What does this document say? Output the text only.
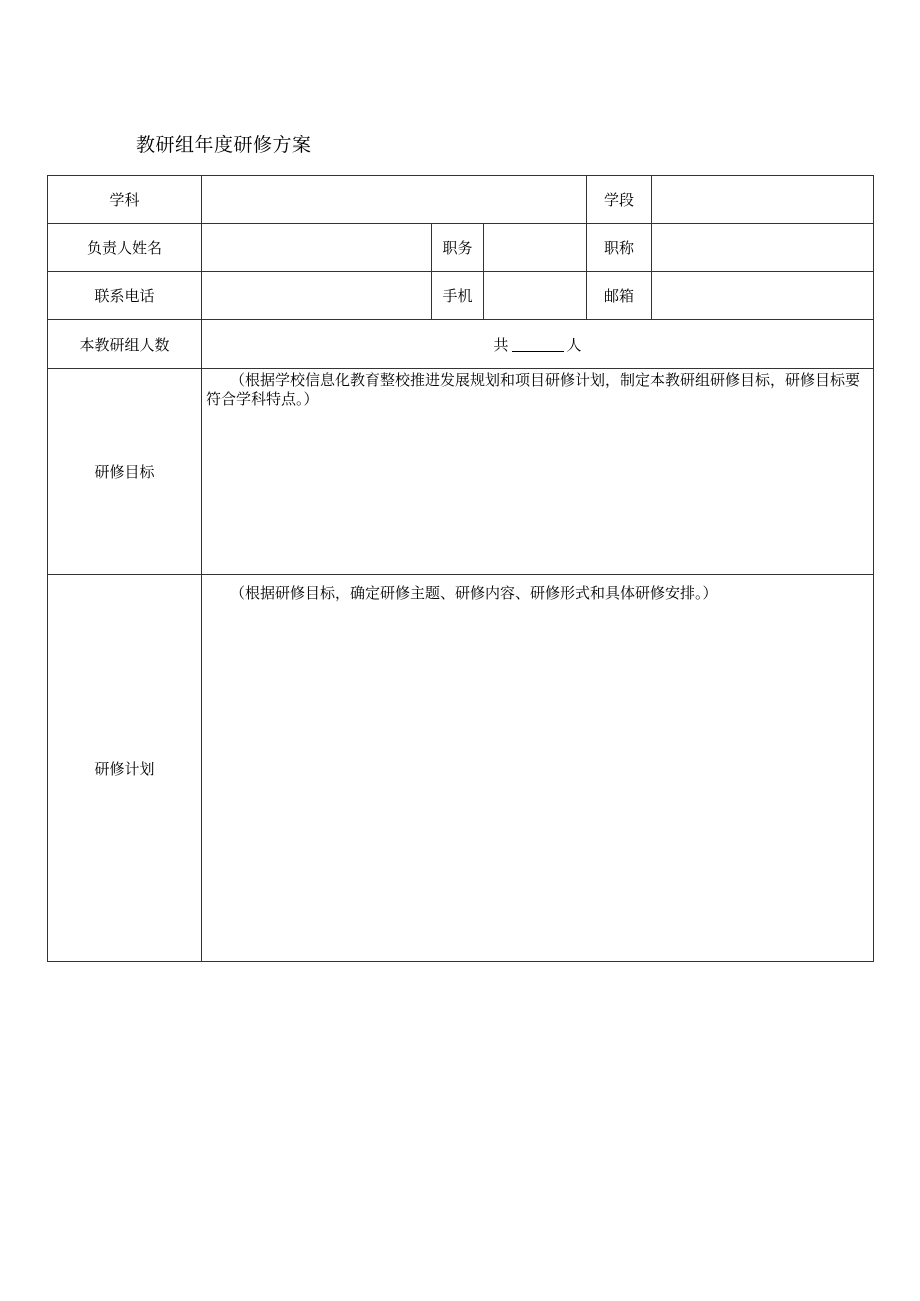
教研组年度研修方案
学科				学段	
负责人姓名		职务		职称	
联系电话		手机		邮箱	
本教研组人数	共 人				
研修目标	（根据学校信息化教育整校推进发展规划和项目研修计划，制定本教研组研修目标，研修目标要符合学科特点。）				

研修计划	（根据研修目标，确定研修主题、研修内容、研修形式和具体研修安排。）				
